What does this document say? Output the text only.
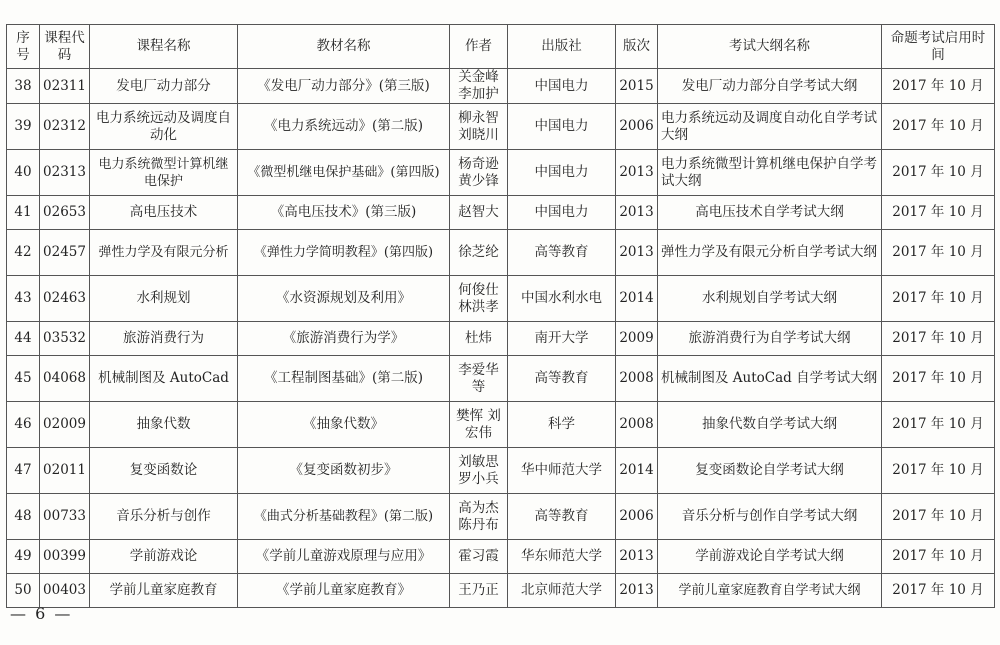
序号	课程代码	课程名称	教材名称	作者	出版社	版次	考试大纲名称	命题考试启用时间
38	02311	发电厂动力部分	《发电厂动力部分》(第三版)	关金峰 李加护	中国电力	2015	发电厂动力部分自学考试大纲	2017 年 10 月
39	02312	电力系统远动及调度自动化	《电力系统远动》(第二版)	柳永智 刘晓川	中国电力	2006	电力系统远动及调度自动化自学考试大纲	2017 年 10 月
40	02313	电力系统微型计算机继电保护	《微型机继电保护基础》(第四版)	杨奇逊 黄少锋	中国电力	2013	电力系统微型计算机继电保护自学考试大纲	2017 年 10 月
41	02653	高电压技术	《高电压技术》(第三版)	赵智大	中国电力	2013	高电压技术自学考试大纲	2017 年 10 月
42	02457	弹性力学及有限元分析	《弹性力学简明教程》(第四版)	徐芝纶	高等教育	2013	弹性力学及有限元分析自学考试大纲	2017 年 10 月
43	02463	水利规划	《水资源规划及利用》	何俊仕 林洪孝	中国水利水电	2014	水利规划自学考试大纲	2017 年 10 月
44	03532	旅游消费行为	《旅游消费行为学》	杜炜	南开大学	2009	旅游消费行为自学考试大纲	2017 年 10 月
45	04068	机械制图及 AutoCad	《工程制图基础》(第二版)	李爱华等	高等教育	2008	机械制图及 AutoCad 自学考试大纲	2017 年 10 月
46	02009	抽象代数	《抽象代数》	樊恽 刘宏伟	科学	2008	抽象代数自学考试大纲	2017 年 10 月
47	02011	复变函数论	《复变函数初步》	刘敏思 罗小兵	华中师范大学	2014	复变函数论自学考试大纲	2017 年 10 月
48	00733	音乐分析与创作	《曲式分析基础教程》(第二版)	高为杰 陈丹布	高等教育	2006	音乐分析与创作自学考试大纲	2017 年 10 月
49	00399	学前游戏论	《学前儿童游戏原理与应用》	霍习霞	华东师范大学	2013	学前游戏论自学考试大纲	2017 年 10 月
50	00403	学前儿童家庭教育	《学前儿童家庭教育》	王乃正	北京师范大学	2013	学前儿童家庭教育自学考试大纲	2017 年 10 月
— 6 —
